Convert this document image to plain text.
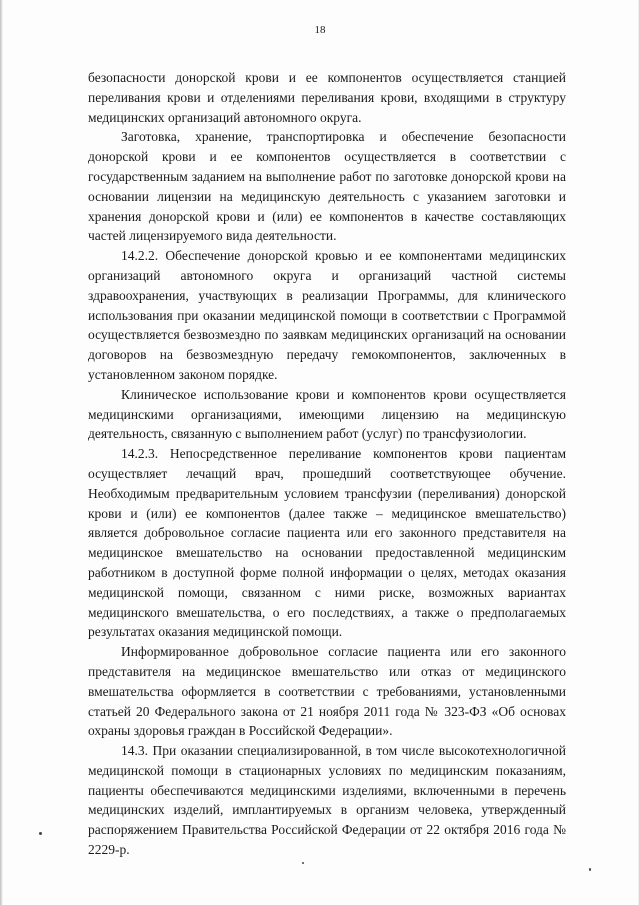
18

безопасности донорской крови и ее компонентов осуществляется станцией переливания крови и отделениями переливания крови, входящими в структуру медицинских организаций автономного округа.

Заготовка, хранение, транспортировка и обеспечение безопасности донорской крови и ее компонентов осуществляется в соответствии с государственным заданием на выполнение работ по заготовке донорской крови на основании лицензии на медицинскую деятельность с указанием заготовки и хранения донорской крови и (или) ее компонентов в качестве составляющих частей лицензируемого вида деятельности.

14.2.2. Обеспечение донорской кровью и ее компонентами медицинских организаций автономного округа и организаций частной системы здравоохранения, участвующих в реализации Программы, для клинического использования при оказании медицинской помощи в соответствии с Программой осуществляется безвозмездно по заявкам медицинских организаций на основании договоров на безвозмездную передачу гемокомпонентов, заключенных в установленном законом порядке.

Клиническое использование крови и компонентов крови осуществляется медицинскими организациями, имеющими лицензию на медицинскую деятельность, связанную с выполнением работ (услуг) по трансфузиологии.

14.2.3. Непосредственное переливание компонентов крови пациентам осуществляет лечащий врач, прошедший соответствующее обучение. Необходимым предварительным условием трансфузии (переливания) донорской крови и (или) ее компонентов (далее также – медицинское вмешательство) является добровольное согласие пациента или его законного представителя на медицинское вмешательство на основании предоставленной медицинским работником в доступной форме полной информации о целях, методах оказания медицинской помощи, связанном с ними риске, возможных вариантах медицинского вмешательства, о его последствиях, а также о предполагаемых результатах оказания медицинской помощи.

Информированное добровольное согласие пациента или его законного представителя на медицинское вмешательство или отказ от медицинского вмешательства оформляется в соответствии с требованиями, установленными статьей 20 Федерального закона от 21 ноября 2011 года № 323-ФЗ «Об основах охраны здоровья граждан в Российской Федерации».

14.3. При оказании специализированной, в том числе высокотехнологичной медицинской помощи в стационарных условиях по медицинским показаниям, пациенты обеспечиваются медицинскими изделиями, включенными в перечень медицинских изделий, имплантируемых в организм человека, утвержденный распоряжением Правительства Российской Федерации от 22 октября 2016 года № 2229-р.
